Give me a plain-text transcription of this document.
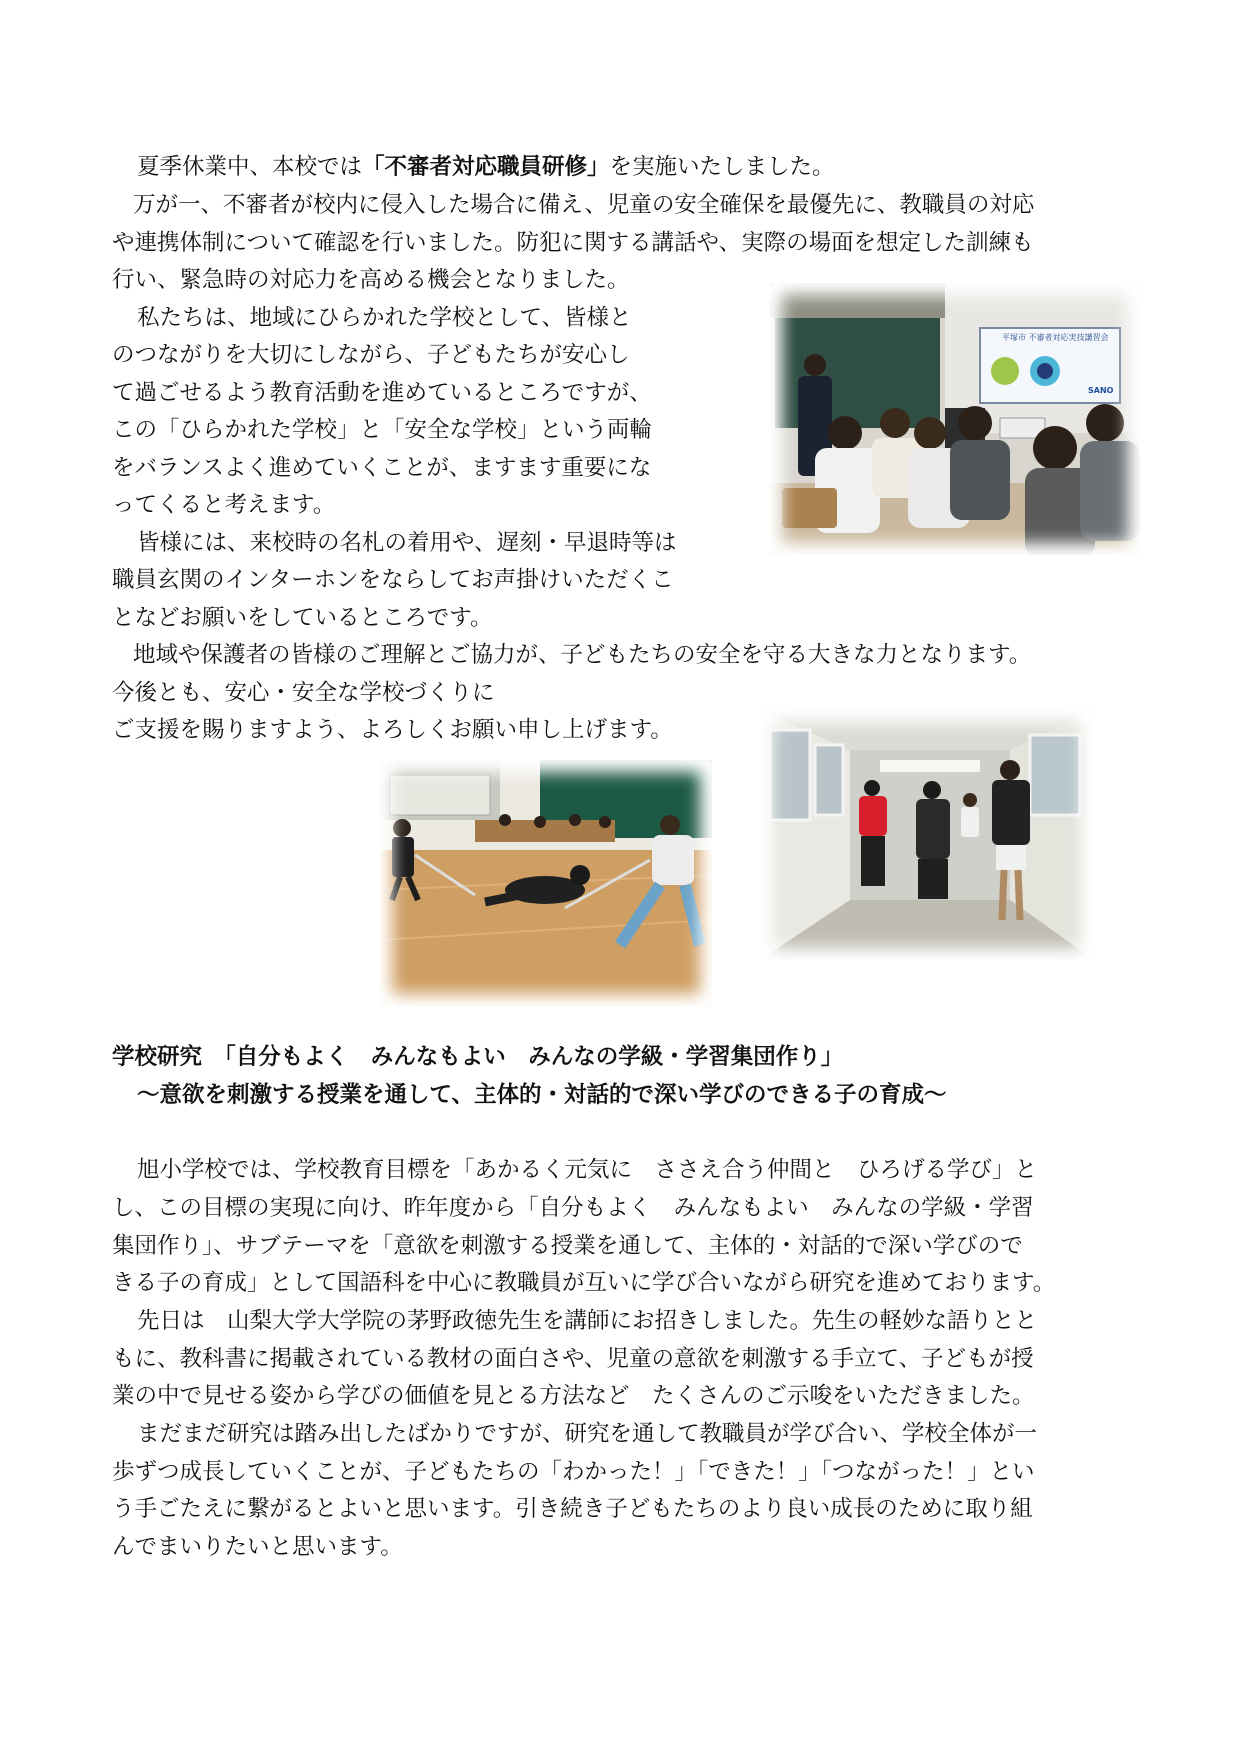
夏季休業中、本校では「不審者対応職員研修」を実施いたしました。
万が一、不審者が校内に侵入した場合に備え、児童の安全確保を最優先に、教職員の対応
や連携体制について確認を行いました。防犯に関する講話や、実際の場面を想定した訓練も
行い、緊急時の対応力を高める機会となりました。
私たちは、地域にひらかれた学校として、皆様と
のつながりを大切にしながら、子どもたちが安心し
て過ごせるよう教育活動を進めているところですが、
この「ひらかれた学校」と「安全な学校」という両輪
をバランスよく進めていくことが、ますます重要にな
ってくると考えます。
皆様には、来校時の名札の着用や、遅刻・早退時等は
職員玄関のインターホンをならしてお声掛けいただくこ
となどお願いをしているところです。
地域や保護者の皆様のご理解とご協力が、子どもたちの安全を守る大きな力となります。
今後とも、安心・安全な学校づくりに
ご支援を賜りますよう、よろしくお願い申し上げます。
平塚市 不審者対応実技講習会
SANO
学校研究　「自分もよく　みんなもよい　みんなの学級・学習集団作り」
～意欲を刺激する授業を通して、主体的・対話的で深い学びのできる子の育成～
旭小学校では、学校教育目標を「あかるく元気に　ささえ合う仲間と　ひろげる学び」と
し、この目標の実現に向け、昨年度から「自分もよく　みんなもよい　みんなの学級・学習
集団作り」、サブテーマを「意欲を刺激する授業を通して、主体的・対話的で深い学びので
きる子の育成」として国語科を中心に教職員が互いに学び合いながら研究を進めております。
先日は　山梨大学大学院の茅野政徳先生を講師にお招きしました。先生の軽妙な語りとと
もに、教科書に掲載されている教材の面白さや、児童の意欲を刺激する手立て、子どもが授
業の中で見せる姿から学びの価値を見とる方法など　たくさんのご示唆をいただきました。
まだまだ研究は踏み出したばかりですが、研究を通して教職員が学び合い、学校全体が一
歩ずつ成長していくことが、子どもたちの「わかった！」「できた！」「つながった！」とい
う手ごたえに繋がるとよいと思います。引き続き子どもたちのより良い成長のために取り組
んでまいりたいと思います。
